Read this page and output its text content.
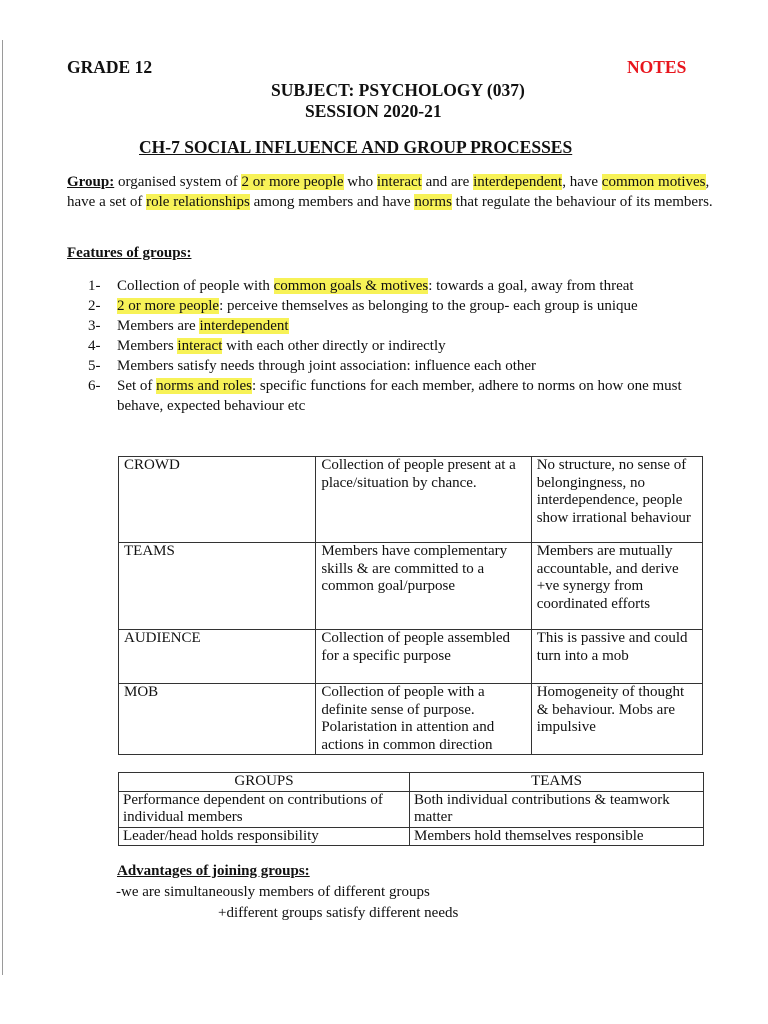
GRADE 12	NOTES
SUBJECT: PSYCHOLOGY (037)
SESSION 2020-21
CH-7 SOCIAL INFLUENCE AND GROUP PROCESSES
Group: organised system of 2 or more people who interact and are interdependent, have common motives, have a set of role relationships among members and have norms that regulate the behaviour of its members.
Features of groups:
1-	Collection of people with common goals & motives: towards a goal, away from threat
2-	2 or more people: perceive themselves as belonging to the group- each group is unique
3-	Members are interdependent
4-	Members interact with each other directly or indirectly
5-	Members satisfy needs through joint association: influence each other
6-	Set of norms and roles: specific functions for each member, adhere to norms on how one must behave, expected behaviour etc
CROWD	Collection of people present at a place/situation by chance.	No structure, no sense of belongingness, no interdependence, people show irrational behaviour
TEAMS	Members have complementary skills & are committed to a common goal/purpose	Members are mutually accountable, and derive +ve synergy from coordinated efforts
AUDIENCE	Collection of people assembled for a specific purpose	This is passive and could turn into a mob
MOB	Collection of people with a definite sense of purpose. Polaristation in attention and actions in common direction	Homogeneity of thought & behaviour. Mobs are impulsive
GROUPS	TEAMS
Performance dependent on contributions of individual members	Both individual contributions & teamwork matter
Leader/head holds responsibility	Members hold themselves responsible
Advantages of joining groups:
-we are simultaneously members of different groups
+different groups satisfy different needs
